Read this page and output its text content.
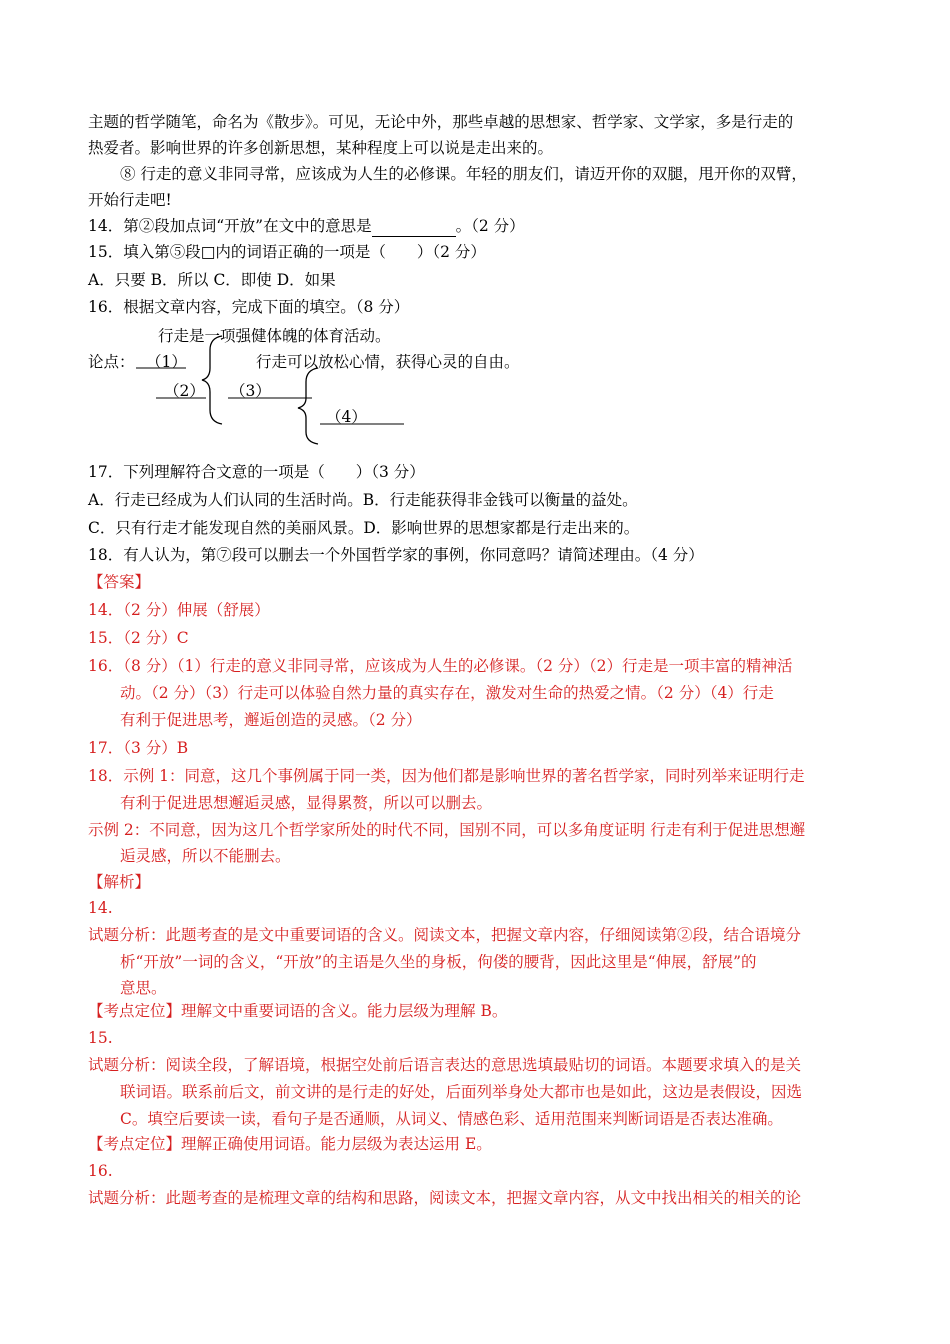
主题的哲学随笔，命名为《散步》。可见，无论中外，那些卓越的思想家、哲学家、文学家，多是行走的
热爱者。影响世界的许多创新思想，某种程度上可以说是走出来的。
⑧ 行走的意义非同寻常，应该成为人生的必修课。年轻的朋友们，请迈开你的双腿，甩开你的双臂，
开始行走吧!
14．第②段加点词“开放”在文中的意思是	。（2 分）
15．填入第⑤段□内的词语正确的一项是（　　）（2 分）
A．只要 B．所以 C．即使 D．如果
16．根据文章内容，完成下面的填空。（8 分）
行走是一项强健体魄的体育活动。
论点： （1）	行走可以放松心情，获得心灵的自由。
（2） （3）
（4）
17．下列理解符合文意的一项是（　　）（3 分）
A．行走已经成为人们认同的生活时尚。B．行走能获得非金钱可以衡量的益处。
C．只有行走才能发现自然的美丽风景。D．影响世界的思想家都是行走出来的。
18．有人认为，第⑦段可以删去一个外国哲学家的事例，你同意吗？请简述理由。（4 分）
【答案】
14．（2 分）伸展（舒展）
15．（2 分）C
16．（8 分）（1）行走的意义非同寻常，应该成为人生的必修课。（2 分）（2）行走是一项丰富的精神活
动。（2 分）（3）行走可以体验自然力量的真实存在，激发对生命的热爱之情。（2 分）（4）行走
有利于促进思考，邂逅创造的灵感。（2 分）
17．（3 分）B
18．示例 1：同意，这几个事例属于同一类，因为他们都是影响世界的著名哲学家，同时列举来证明行走
有利于促进思想邂逅灵感，显得累赘，所以可以删去。
示例 2：不同意，因为这几个哲学家所处的时代不同，国别不同，可以多角度证明 行走有利于促进思想邂
逅灵感，所以不能删去。
【解析】
14.
试题分析：此题考查的是文中重要词语的含义。阅读文本，把握文章内容，仔细阅读第②段，结合语境分
析“开放”一词的含义，“开放”的主语是久坐的身板，佝偻的腰背，因此这里是“伸展，舒展”的
意思。
【考点定位】理解文中重要词语的含义。能力层级为理解 B。
15.
试题分析：阅读全段，了解语境，根据空处前后语言表达的意思选填最贴切的词语。本题要求填入的是关
联词语。联系前后文，前文讲的是行走的好处，后面列举身处大都市也是如此，这边是表假设，因选
C。填空后要读一读，看句子是否通顺，从词义、情感色彩、适用范围来判断词语是否表达准确。
【考点定位】理解正确使用词语。能力层级为表达运用 E。
16.
试题分析：此题考查的是梳理文章的结构和思路，阅读文本，把握文章内容，从文中找出相关的相关的论
